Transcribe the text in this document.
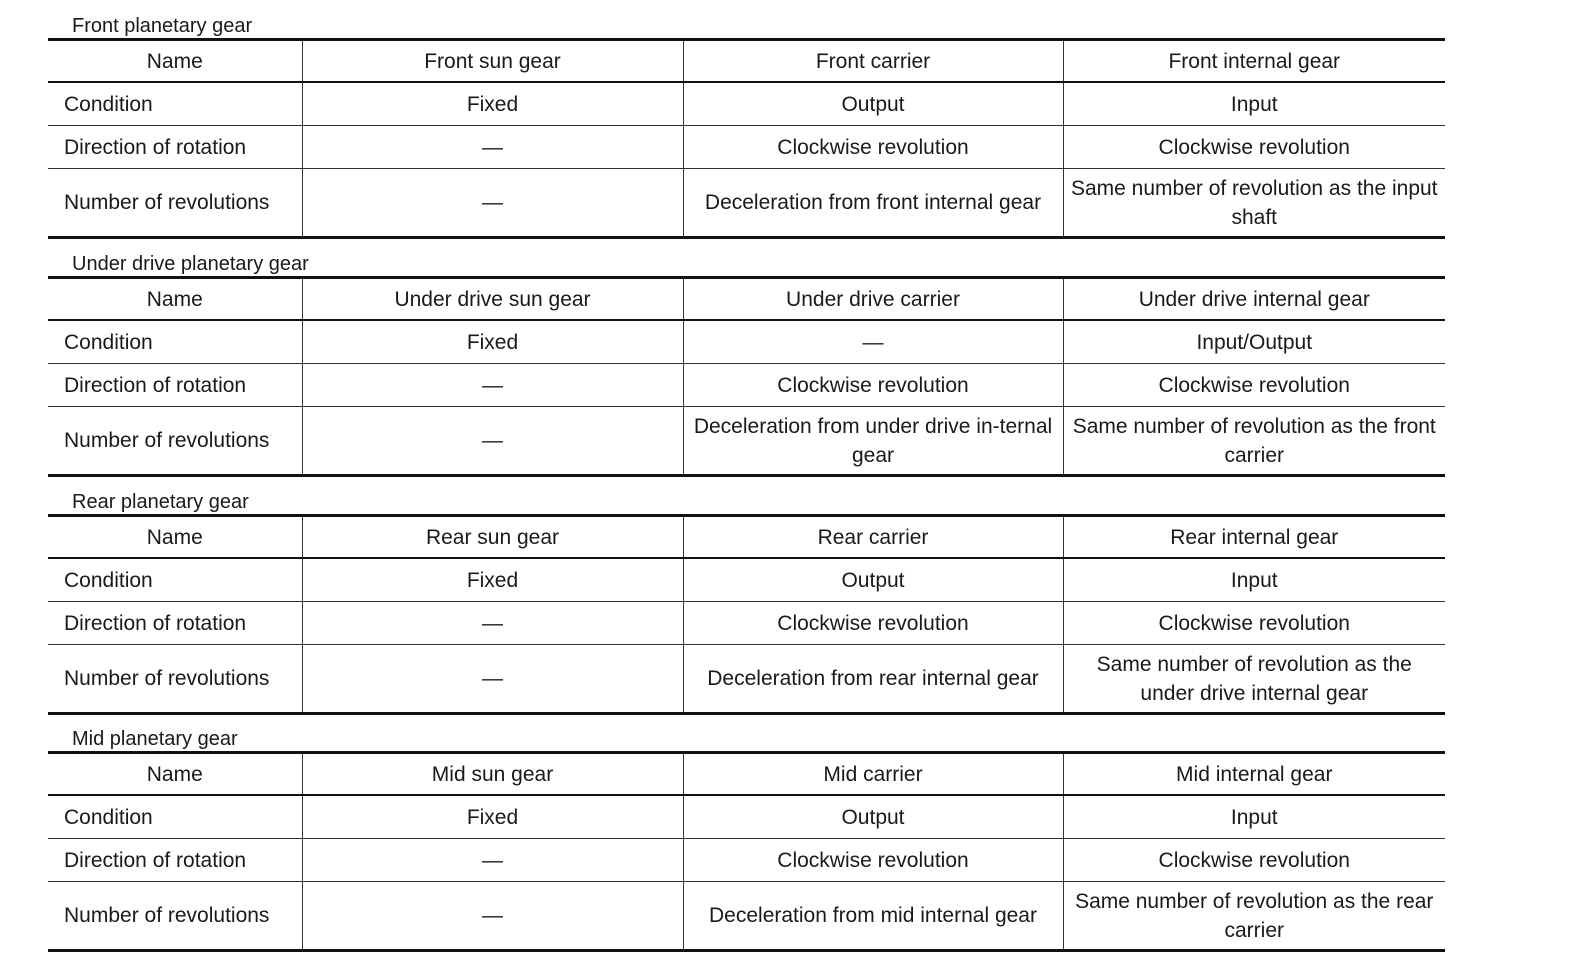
Front planetary gear
Name	Front sun gear	Front carrier	Front internal gear
Condition	Fixed	Output	Input
Direction of rotation	—	Clockwise revolution	Clockwise revolution
Number of revolutions	—	Deceleration from front internal gear	Same number of revolution as the input shaft
Under drive planetary gear
Name	Under drive sun gear	Under drive carrier	Under drive internal gear
Condition	Fixed	—	Input/Output
Direction of rotation	—	Clockwise revolution	Clockwise revolution
Number of revolutions	—	Deceleration from under drive in-ternal gear	Same number of revolution as the front carrier
Rear planetary gear
Name	Rear sun gear	Rear carrier	Rear internal gear
Condition	Fixed	Output	Input
Direction of rotation	—	Clockwise revolution	Clockwise revolution
Number of revolutions	—	Deceleration from rear internal gear	Same number of revolution as the under drive internal gear
Mid planetary gear
Name	Mid sun gear	Mid carrier	Mid internal gear
Condition	Fixed	Output	Input
Direction of rotation	—	Clockwise revolution	Clockwise revolution
Number of revolutions	—	Deceleration from mid internal gear	Same number of revolution as the rear carrier
